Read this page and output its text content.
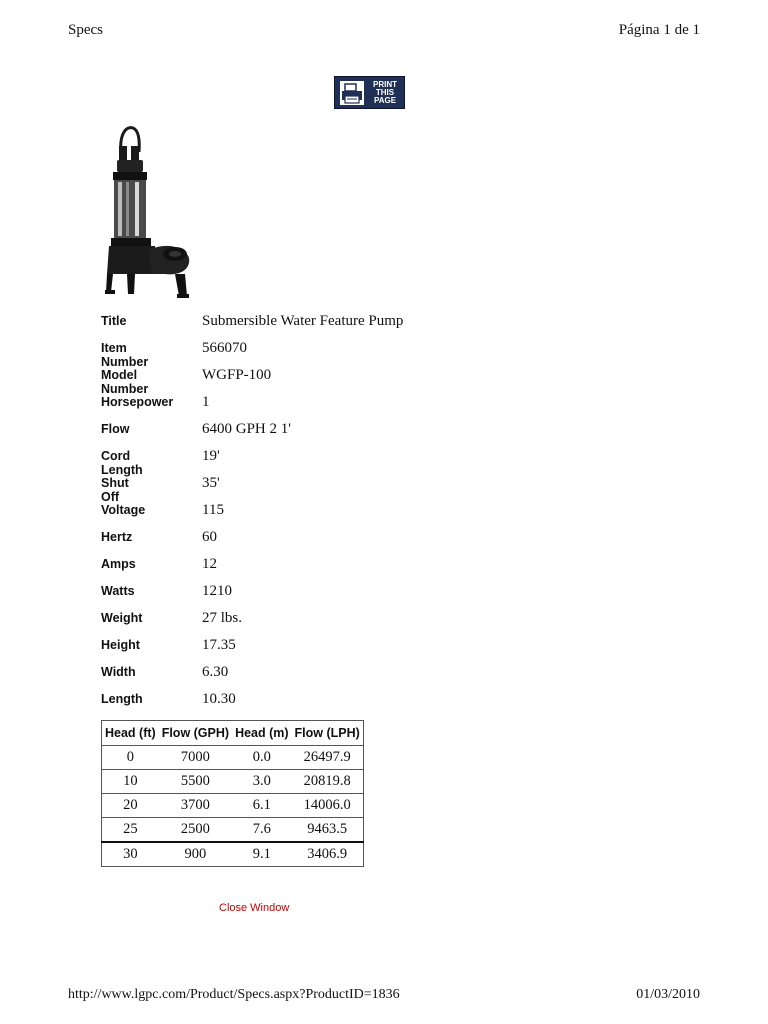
Specs	Página 1 de 1
PRINT
THIS
PAGE
Title	Submersible Water Feature Pump
Item Number
566070
Model Number
WGFP-100
Horsepower 1
Flow	6400 GPH 2 1'
Cord Length
19'
Shut Off
35'
Voltage	115
Hertz	60
Amps	12
Watts	1210
Weight	27 lbs.
Height	17.35
Width	6.30
Length	10.30
Head (ft)	Flow (GPH)	Head (m)	Flow (LPH)
0	7000	0.0	26497.9
10	5500	3.0	20819.8
20	3700	6.1	14006.0
25	2500	7.6	9463.5
30	900	9.1	3406.9
Close Window
http://www.lgpc.com/Product/Specs.aspx?ProductID=1836	01/03/2010
